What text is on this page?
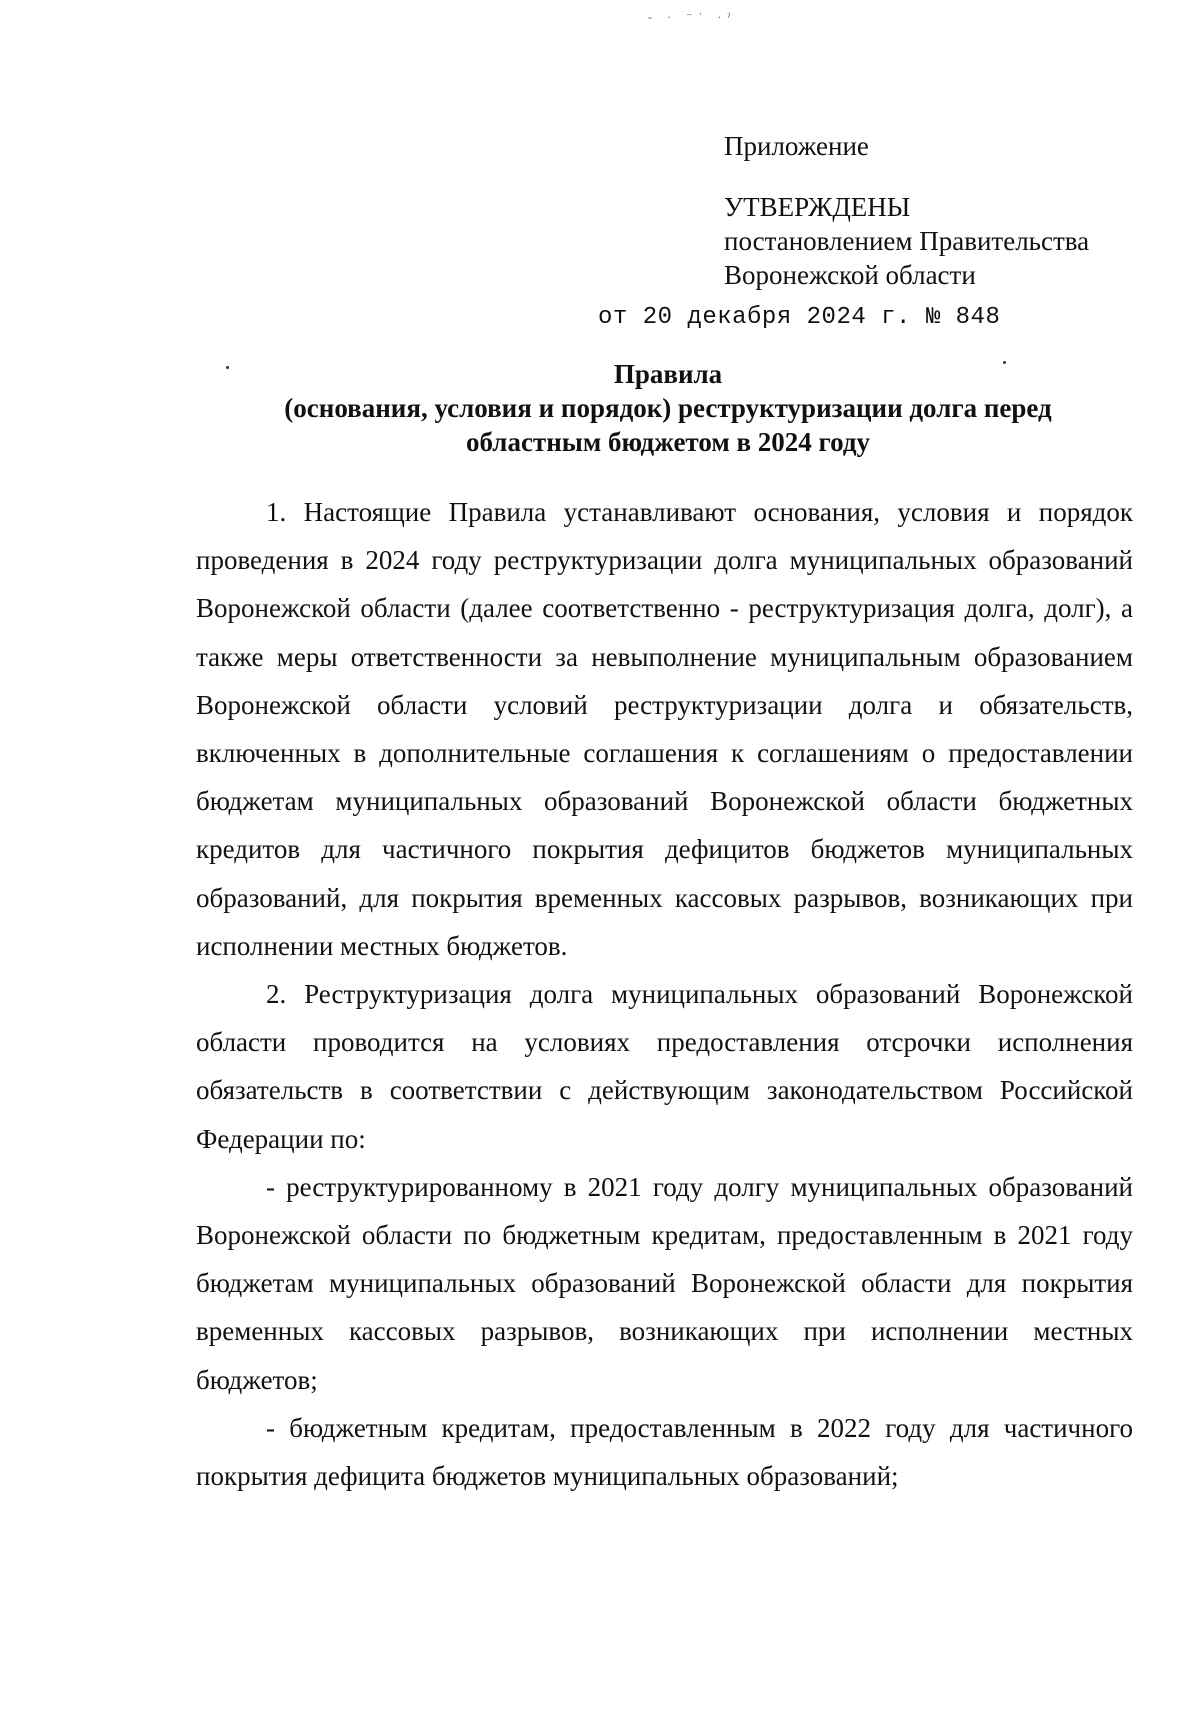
- · ⁻ʾ ·ˀ
Приложение
УТВЕРЖДЕНЫ
постановлением Правительства
Воронежской области
от 20 декабря 2024 г. № 848
Правила
(основания, условия и порядок) реструктуризации долга перед
областным бюджетом в 2024 году

1. Настоящие Правила устанавливают основания, условия и порядок проведения в 2024 году реструктуризации долга муниципальных образований Воронежской области (далее соответственно - реструктуризация долга, долг), а также меры ответственности за невыполнение муниципальным образованием Воронежской области условий реструктуризации долга и обязательств, включенных в дополнительные соглашения к соглашениям о предоставлении бюджетам муниципальных образований Воронежской области бюджетных кредитов для частичного покрытия дефицитов бюджетов муниципальных образований, для покрытия временных кассовых разрывов, возникающих при исполнении местных бюджетов.

2. Реструктуризация долга муниципальных образований Воронежской области проводится на условиях предоставления отсрочки исполнения обязательств в соответствии с действующим законодательством Российской Федерации по:

- реструктурированному в 2021 году долгу муниципальных образований Воронежской области по бюджетным кредитам, предоставленным в 2021 году бюджетам муниципальных образований Воронежской области для покрытия временных кассовых разрывов, возникающих при исполнении местных бюджетов;

- бюджетным кредитам, предоставленным в 2022 году для частичного покрытия дефицита бюджетов муниципальных образований;
